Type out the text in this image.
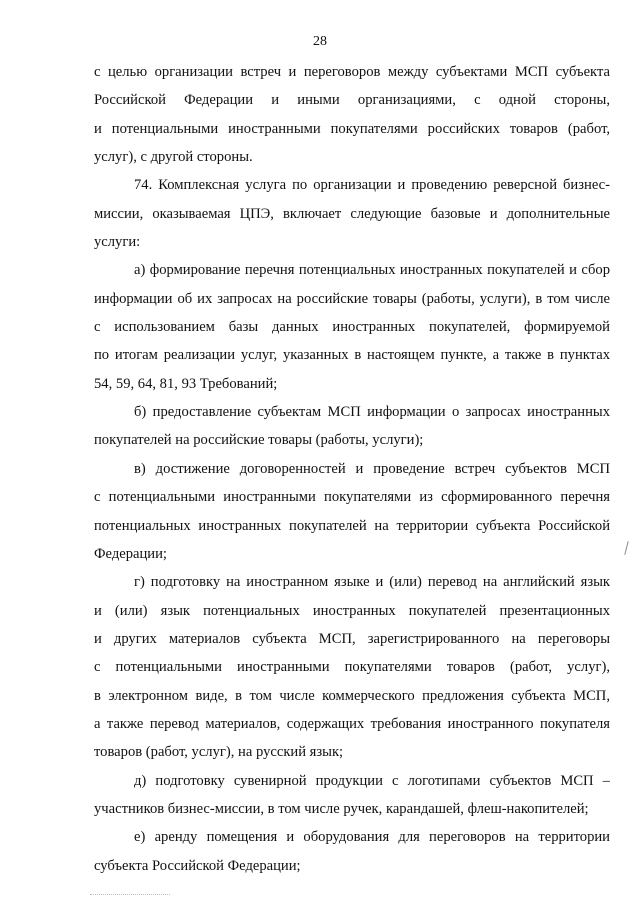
28
с целью организации встреч и переговоров между субъектами МСП субъекта
Российской Федерации и иными организациями, с одной стороны,
и потенциальными иностранными покупателями российских товаров (работ,
услуг), с другой стороны.
74. Комплексная услуга по организации и проведению реверсной бизнес-
миссии, оказываемая ЦПЭ, включает следующие базовые и дополнительные
услуги:
а) формирование перечня потенциальных иностранных покупателей и сбор
информации об их запросах на российские товары (работы, услуги), в том числе
с использованием базы данных иностранных покупателей, формируемой
по итогам реализации услуг, указанных в настоящем пункте, а также в пунктах
54, 59, 64, 81, 93 Требований;
б) предоставление субъектам МСП информации о запросах иностранных
покупателей на российские товары (работы, услуги);
в) достижение договоренностей и проведение встреч субъектов МСП
с потенциальными иностранными покупателями из сформированного перечня
потенциальных иностранных покупателей на территории субъекта Российской
Федерации;
г) подготовку на иностранном языке и (или) перевод на английский язык
и (или) язык потенциальных иностранных покупателей презентационных
и других материалов субъекта МСП, зарегистрированного на переговоры
с потенциальными иностранными покупателями товаров (работ, услуг),
в электронном виде, в том числе коммерческого предложения субъекта МСП,
а также перевод материалов, содержащих требования иностранного покупателя
товаров (работ, услуг), на русский язык;
д) подготовку сувенирной продукции с логотипами субъектов МСП –
участников бизнес-миссии, в том числе ручек, карандашей, флеш-накопителей;
е) аренду помещения и оборудования для переговоров на территории
субъекта Российской Федерации;
